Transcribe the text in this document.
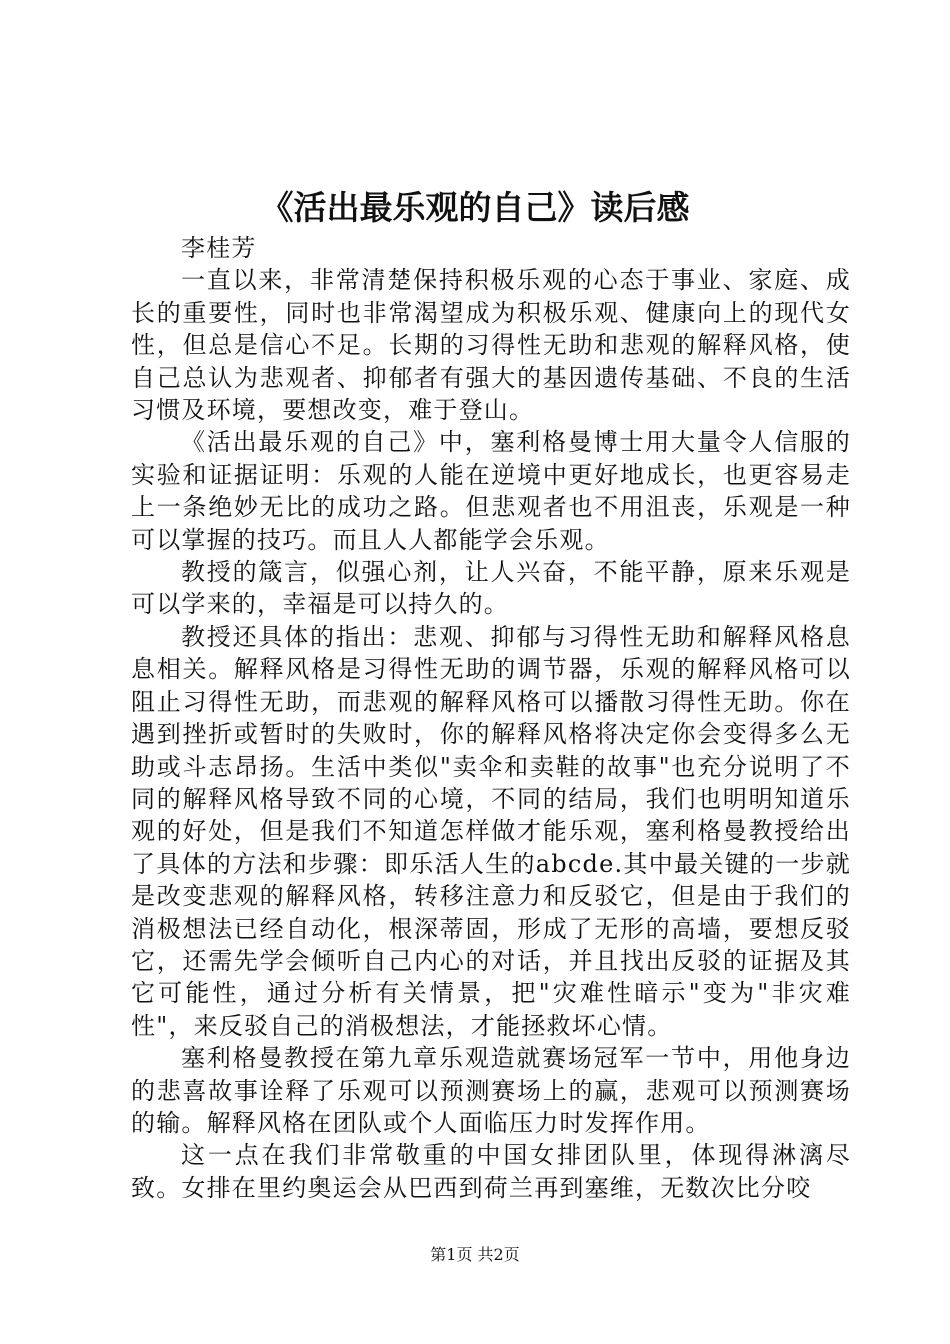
《活出最乐观的自己》读后感

李桂芳

一直以来，非常清楚保持积极乐观的心态于事业、家庭、成长的重要性，同时也非常渴望成为积极乐观、健康向上的现代女性，但总是信心不足。长期的习得性无助和悲观的解释风格，使自己总认为悲观者、抑郁者有强大的基因遗传基础、不良的生活习惯及环境，要想改变，难于登山。

《活出最乐观的自己》中，塞利格曼博士用大量令人信服的实验和证据证明：乐观的人能在逆境中更好地成长，也更容易走上一条绝妙无比的成功之路。但悲观者也不用沮丧，乐观是一种可以掌握的技巧。而且人人都能学会乐观。

教授的箴言，似强心剂，让人兴奋，不能平静，原来乐观是可以学来的，幸福是可以持久的。

教授还具体的指出：悲观、抑郁与习得性无助和解释风格息息相关。解释风格是习得性无助的调节器，乐观的解释风格可以阻止习得性无助，而悲观的解释风格可以播散习得性无助。你在遇到挫折或暂时的失败时，你的解释风格将决定你会变得多么无助或斗志昂扬。生活中类似"卖伞和卖鞋的故事"也充分说明了不同的解释风格导致不同的心境，不同的结局，我们也明明知道乐观的好处，但是我们不知道怎样做才能乐观，塞利格曼教授给出了具体的方法和步骤：即乐活人生的abcde.其中最关键的一步就是改变悲观的解释风格，转移注意力和反驳它，但是由于我们的消极想法已经自动化，根深蒂固，形成了无形的高墙，要想反驳它，还需先学会倾听自己内心的对话，并且找出反驳的证据及其它可能性，通过分析有关情景，把"灾难性暗示"变为"非灾难性"，来反驳自己的消极想法，才能拯救坏心情。

塞利格曼教授在第九章乐观造就赛场冠军一节中，用他身边的悲喜故事诠释了乐观可以预测赛场上的赢，悲观可以预测赛场的输。解释风格在团队或个人面临压力时发挥作用。

这一点在我们非常敬重的中国女排团队里，体现得淋漓尽致。女排在里约奥运会从巴西到荷兰再到塞维，无数次比分咬

第1页 共2页
